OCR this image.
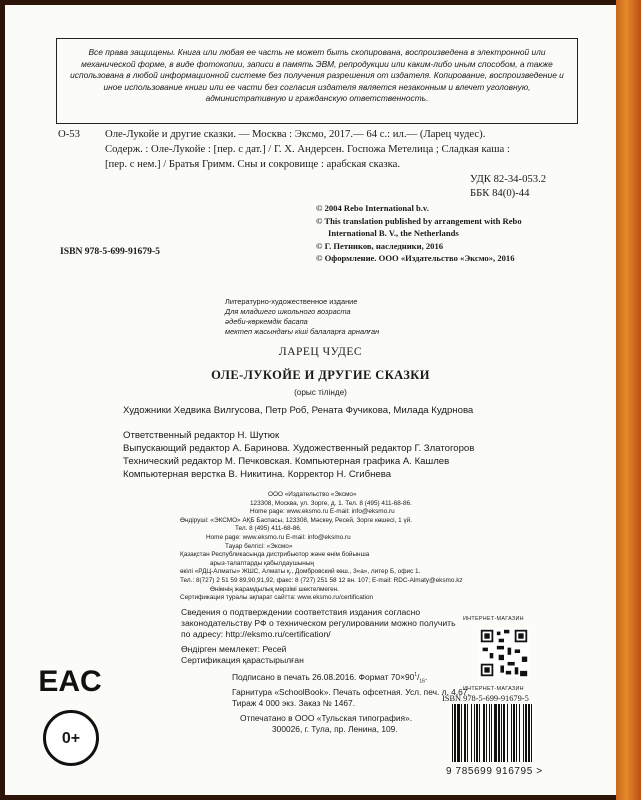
Все права защищены. Книга или любая ее часть не может быть скопирована, воспроизведена в электронной или механической форме, в виде фотокопии, записи в память ЭВМ, репродукции или каким-либо иным способом, а также использована в любой информационной системе без получения разрешения от издателя. Копирование, воспроизведение и иное использование книги или ее части без согласия издателя является незаконным и влечет уголовную, административную и гражданскую ответственность.
О-53 Оле-Лукойе и другие сказки. — Москва : Эксмо, 2017.— 64 с.: ил.— (Ларец чудес).
Содерж. : Оле-Лукойе : [пер. с дат.] / Г. Х. Андерсен. Госпожа Метелица ; Сладкая каша :
[пер. с нем.] / Братья Гримм. Сны и сокровище : арабская сказка.
УДК 82-34-053.2
ББК 84(0)-44
© 2004 Rebo International b.v.
© This translation published by arrangement with Rebo
International B. V., the Netherlands
© Г. Петников, наследники, 2016
© Оформление. ООО «Издательство «Эксмо», 2016
ISBN 978-5-699-91679-5
Литературно-художественное издание
Для младшего школьного возраста
әдеби-көркемдік басапа
мектеп жасындағы кіші балаларға арналған
ЛАРЕЦ ЧУДЕС
ОЛЕ-ЛУКОЙЕ И ДРУГИЕ СКАЗКИ
(орыс тілінде)
Художники Хедвика Вилгусова, Петр Роб, Рената Фучикова, Милада Кудрнова
Ответственный редактор Н. Шутюк
Выпускающий редактор А. Баринова. Художественный редактор Г. Златогоров
Технический редактор М. Печковская. Компьютерная графика А. Кашлев
Компьютерная верстка В. Никитина. Корректор Н. Сгибнева
ООО «Издательство «Эксмо»
123308, Москва, ул. Зорге, д. 1. Тел. 8 (495) 411-68-86.
Home page: www.eksmo.ru E-mail: info@eksmo.ru
Өндіруші: «ЭКСМО» АҚБ Баспасы, 123308, Мәскеу, Ресей, Зорге көшесі, 1 үй.
Тел. 8 (495) 411-68-86.
Home page: www.eksmo.ru E-mail: info@eksmo.ru
Тауар белгісі: «Эксмо»
Қазақстан Республикасында дистрибьютор және өнім бойынша
арыз-талаптарды қабылдаушының
өкілі «РДЦ-Алматы» ЖШС, Алматы қ., Домбровский көш., 3«а», литер Б, офис 1.
Тел.: 8(727) 2 51 59 89,90,91,92, факс: 8 (727) 251 58 12 вн. 107; E-mail: RDC-Almaty@eksmo.kz
Өнімнің жарамдылық мерзімі шектелмеген.
Сертификация туралы ақпарат сайтта: www.eksmo.ru/certification
Сведения о подтверждении соответствия издания согласно
законодательству РФ о техническом регулировании можно получить
по адресу: http://eksmo.ru/certification/
Өндірген мемлекет: Ресей
Сертификация қарастырылған
Подписано в печать 26.08.2016. Формат $70\times 90^1/_{16}$.
Гарнитура «SchoolBook». Печать офсетная. Усл. печ. л. 4,67.
Тираж 4 000 экз. Заказ № 1467.
Отпечатано в ООО «Тульская типография».
300026, г. Тула, пр. Ленина, 109.
EAC
0+
ИНТЕРНЕТ-МАГАЗИН
ИНТЕРНЕТ-МАГАЗИН
ISBN 978-5-699-91679-5
9 785699 916795 >
